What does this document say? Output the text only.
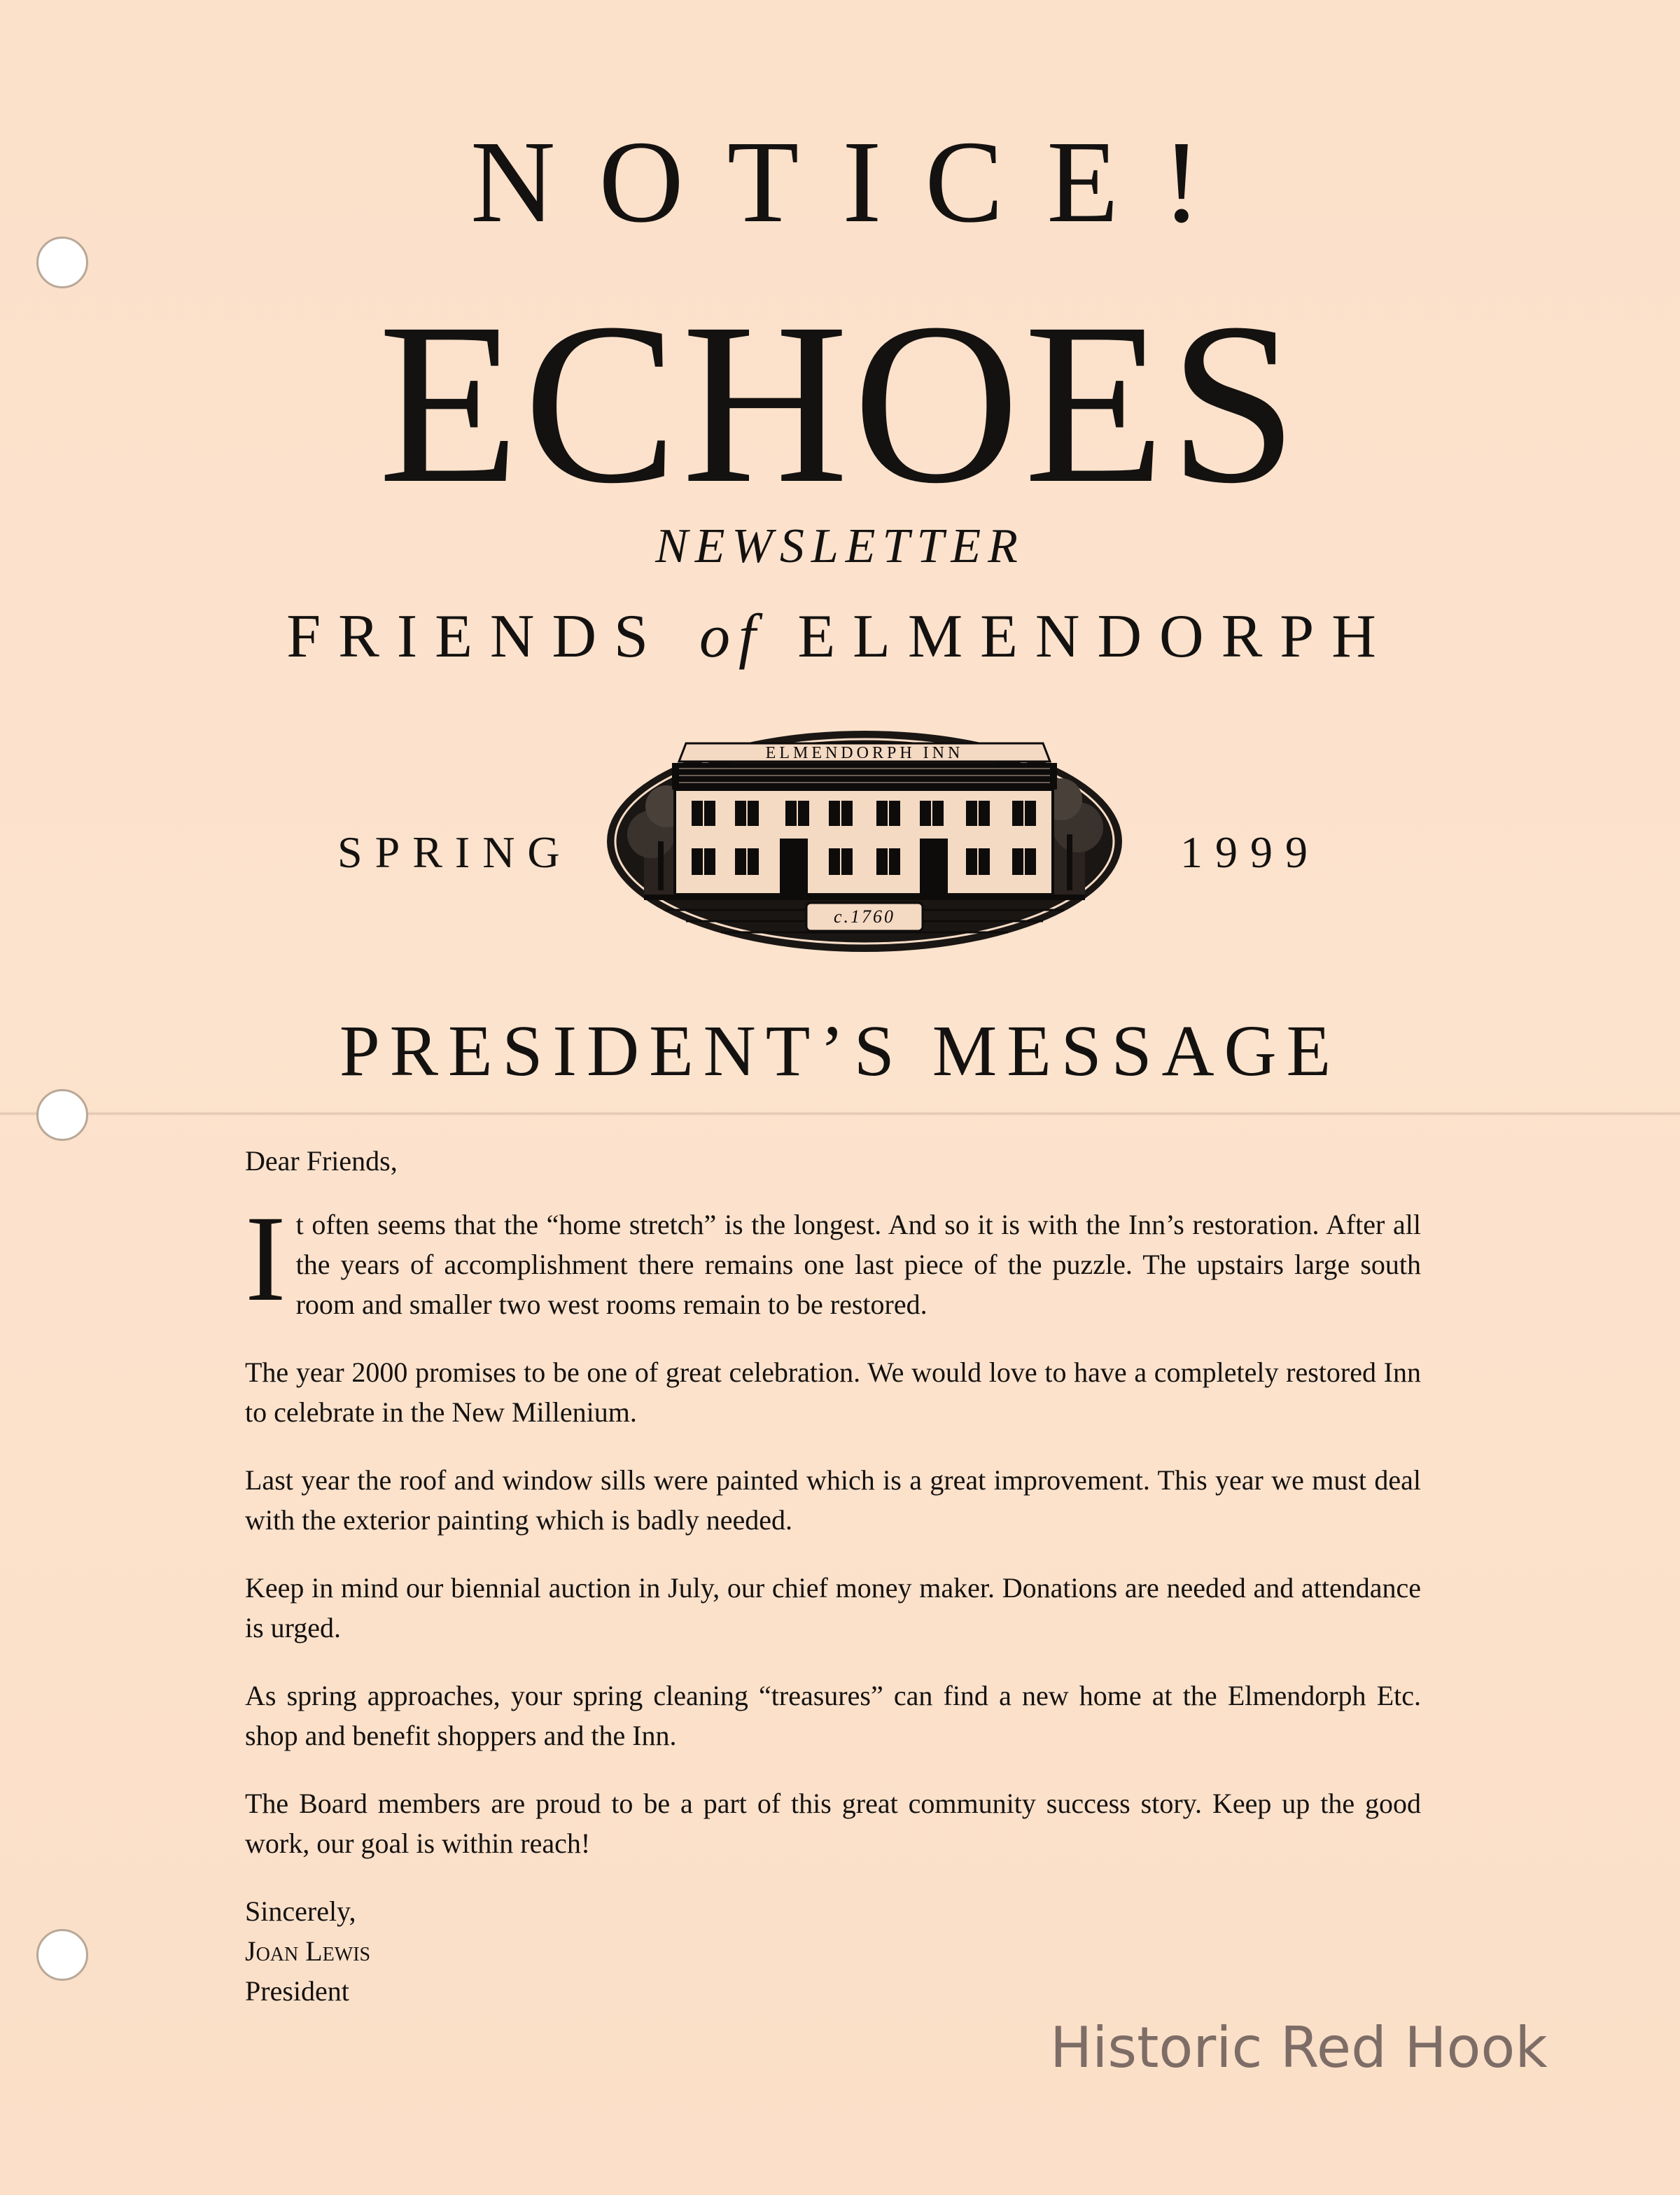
NOTICE!
ECHOES
NEWSLETTER
FRIENDS of ELMENDORPH
SPRING	1999
ELMENDORPH INN
c.1760
PRESIDENT’S MESSAGE

Dear Friends,

It often seems that the “home stretch” is the longest. And so it is with the Inn’s restoration. After all the years of accomplishment there remains one last piece of the puzzle. The upstairs large south room and smaller two west rooms remain to be restored.

The year 2000 promises to be one of great celebration. We would love to have a completely restored Inn to celebrate in the New Millenium.

Last year the roof and window sills were painted which is a great improvement. This year we must deal with the exterior painting which is badly needed.

Keep in mind our biennial auction in July, our chief money maker. Donations are needed and attendance is urged.

As spring approaches, your spring cleaning “treasures” can find a new home at the Elmendorph Etc. shop and benefit shoppers and the Inn.

The Board members are proud to be a part of this great community success story. Keep up the good work, our goal is within reach!

Sincerely,

Joan Lewis

President

Historic Red Hook
